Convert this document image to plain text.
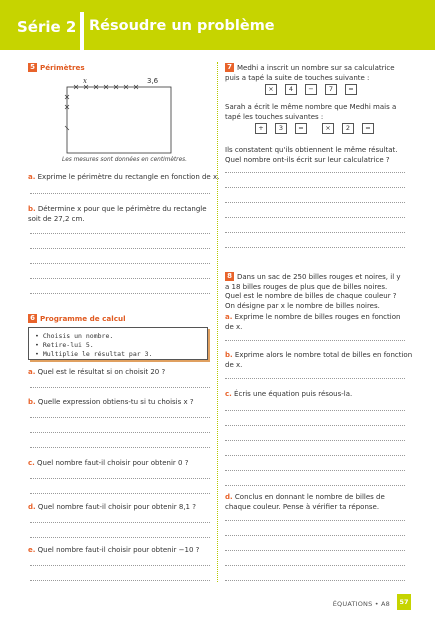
Série 2 Résoudre un problème
5 Périmètres
x	3,6
Les mesures sont données en centimètres.
a. Exprime le périmètre du rectangle en fonction de x.
b. Détermine x pour que le périmètre du rectangle
soit de 27,2 cm.
6 Programme de calcul
• Choisis un nombre.
• Retire-lui 5.
• Multiplie le résultat par 3.
a. Quel est le résultat si on choisit 20 ?
b. Quelle expression obtiens-tu si tu choisis x ?
c. Quel nombre faut-il choisir pour obtenir 0 ?
d. Quel nombre faut-il choisir pour obtenir 8,1 ?
e. Quel nombre faut-il choisir pour obtenir −10 ?
7 Medhi a inscrit un nombre sur sa calculatrice
puis a tapé la suite de touches suivante :
×	4	−	7	=
Sarah a écrit le même nombre que Medhi mais a
tapé les touches suivantes :
+	3	=	×	2	=
Ils constatent qu'ils obtiennent le même résultat.
Quel nombre ont-ils écrit sur leur calculatrice ?
8 Dans un sac de 250 billes rouges et noires, il y
a 18 billes rouges de plus que de billes noires.
Quel est le nombre de billes de chaque couleur ?
On désigne par x le nombre de billes noires.
a. Exprime le nombre de billes rouges en fonction
de x.
b. Exprime alors le nombre total de billes en fonction
de x.
c. Écris une équation puis résous-la.
d. Conclus en donnant le nombre de billes de
chaque couleur. Pense à vérifier ta réponse.
ÉQUATIONS • A8	57
